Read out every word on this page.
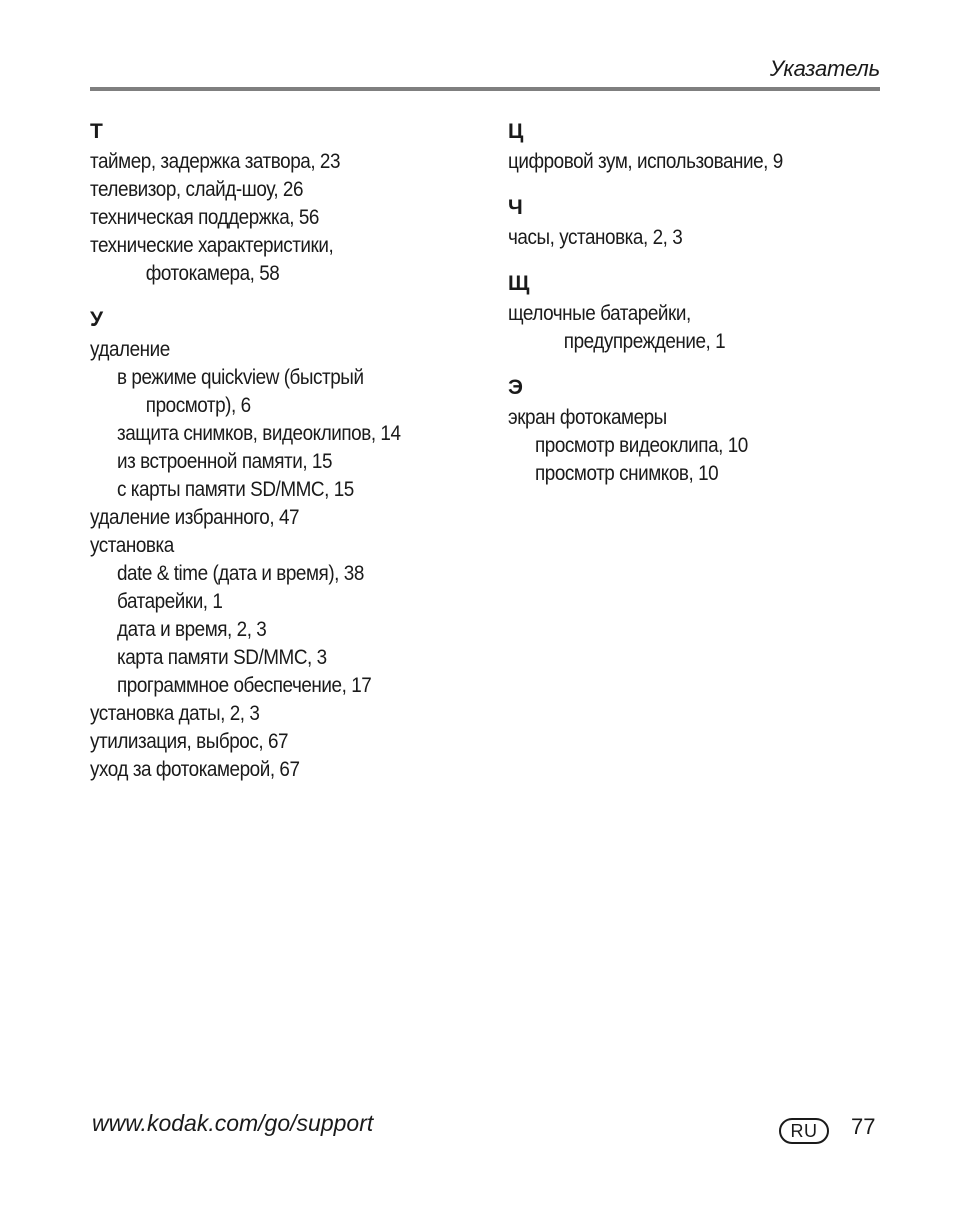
Указатель
Т
таймер, задержка затвора, 23
телевизор, слайд-шоу, 26
техническая поддержка, 56
технические характеристики,
фотокамера, 58
У
удаление
в режиме quickview (быстрый
просмотр), 6
защита снимков, видеоклипов, 14
из встроенной памяти, 15
с карты памяти SD/MMC, 15
удаление избранного, 47
установка
date & time (дата и время), 38
батарейки, 1
дата и время, 2, 3
карта памяти SD/MMC, 3
программное обеспечение, 17
установка даты, 2, 3
утилизация, выброс, 67
уход за фотокамерой, 67
Ц
цифровой зум, использование, 9
Ч
часы, установка, 2, 3
Щ
щелочные батарейки,
предупреждение, 1
Э
экран фотокамеры
просмотр видеоклипа, 10
просмотр снимков, 10
www.kodak.com/go/support	RU	77
